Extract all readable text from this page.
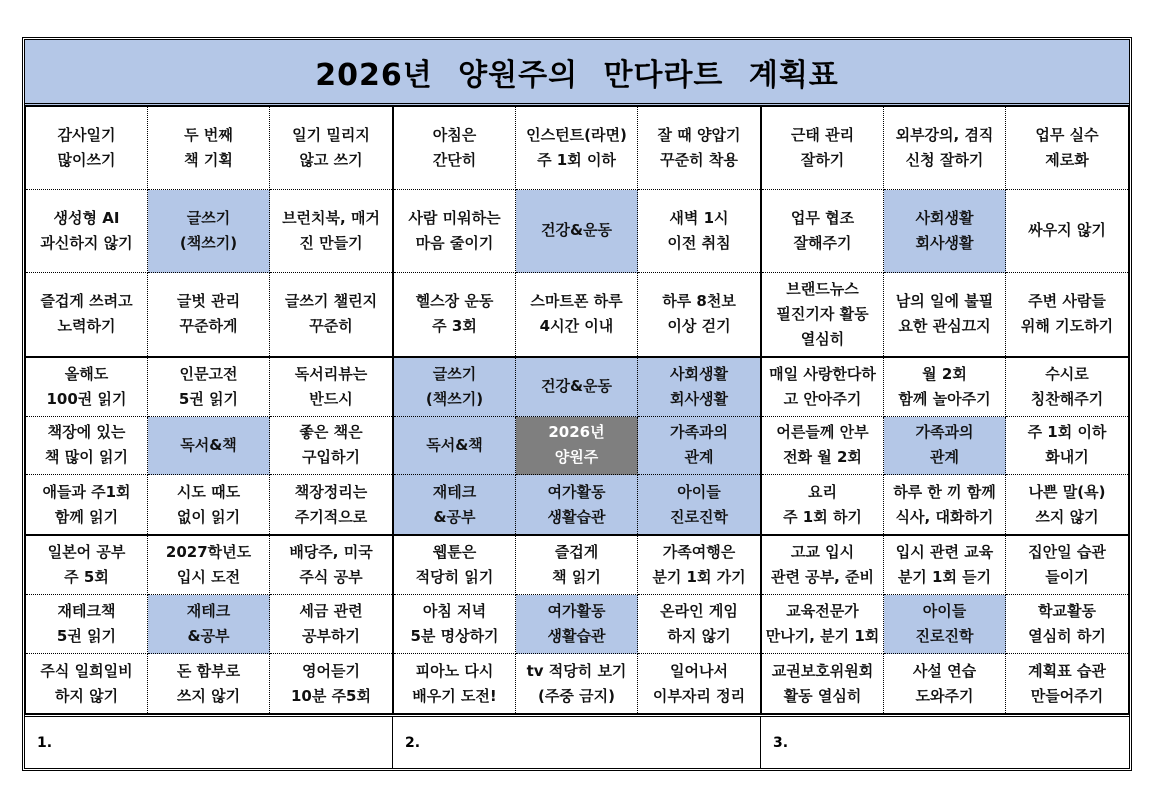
2026년 양원주의 만다라트 계획표
감사일기
많이쓰기
두 번째
책 기획
일기 밀리지
않고 쓰기
생성형 AI
과신하지 않기
글쓰기
(책쓰기)
브런치북, 매거
진 만들기
즐겁게 쓰려고
노력하기
글벗 관리
꾸준하게
글쓰기 챌린지
꾸준히
아침은
간단히
인스턴트(라면)
주 1회 이하
잘 때 양압기
꾸준히 착용
사람 미워하는
마음 줄이기
건강&운동
새벽 1시
이전 취침
헬스장 운동
주 3회
스마트폰 하루
4시간 이내
하루 8천보
이상 걷기
근태 관리
잘하기
외부강의, 겸직
신청 잘하기
업무 실수
제로화
업무 협조
잘해주기
사회생활
회사생활
싸우지 않기
브랜드뉴스
필진기자 활동
열심히
남의 일에 불필
요한 관심끄지
주변 사람들
위해 기도하기
올해도
100권 읽기
인문고전
5권 읽기
독서리뷰는
반드시
책장에 있는
책 많이 읽기
독서&책
좋은 책은
구입하기
애들과 주1회
함께 읽기
시도 때도
없이 읽기
책장정리는
주기적으로
글쓰기
(책쓰기)
건강&운동
사회생활
회사생활
독서&책
2026년
양원주
가족과의
관계
재테크
&공부
여가활동
생활습관
아이들
진로진학
매일 사랑한다하
고 안아주기
월 2회
함께 놀아주기
수시로
칭찬해주기
어른들께 안부
전화 월 2회
가족과의
관계
주 1회 이하
화내기
요리
주 1회 하기
하루 한 끼 함께
식사, 대화하기
나쁜 말(욕)
쓰지 않기
일본어 공부
주 5회
2027학년도
입시 도전
배당주, 미국
주식 공부
재테크책
5권 읽기
재테크
&공부
세금 관련
공부하기
주식 일희일비
하지 않기
돈 함부로
쓰지 않기
영어듣기
10분 주5회
웹툰은
적당히 읽기
즐겁게
책 읽기
가족여행은
분기 1회 가기
아침 저녁
5분 명상하기
여가활동
생활습관
온라인 게임
하지 않기
피아노 다시
배우기 도전!
tv 적당히 보기
(주중 금지)
일어나서
이부자리 정리
고교 입시
관련 공부, 준비
입시 관련 교육
분기 1회 듣기
집안일 습관
들이기
교육전문가
만나기, 분기 1회
아이들
진로진학
학교활동
열심히 하기
교권보호위원회
활동 열심히
사설 연습
도와주기
계획표 습관
만들어주기
1.	2.	3.
